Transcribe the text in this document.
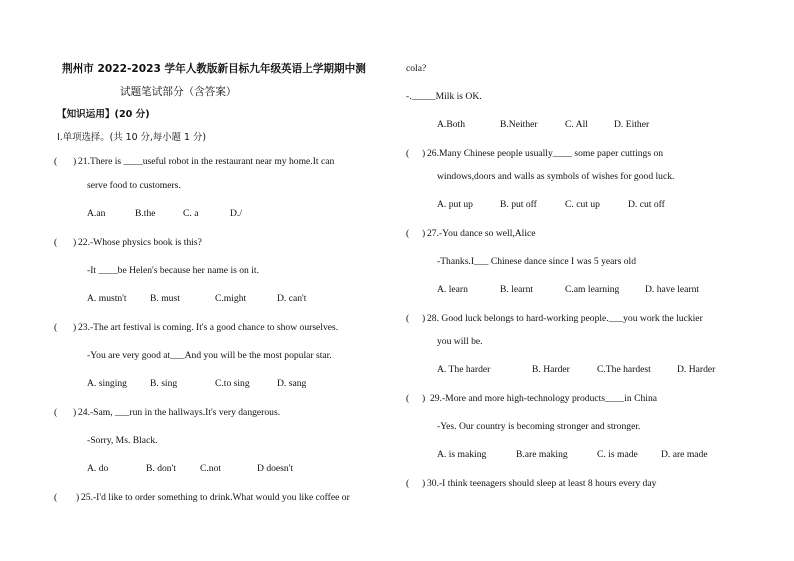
荆州市 2022-2023 学年人教版新目标九年级英语上学期期中测
试题笔试部分（含答案）
【知识运用】(20 分)
I.单项选择。(共 10 分,每小题 1 分)
( ) 21.There is ____useful robot in the restaurant near my home.It can
serve food to customers.
A.an	B.the	C. a	D./
( ) 22.-Whose physics book is this?
-It ____be Helen's because her name is on it.
A. mustn't B. must	C.might	D. can't
( ) 23.-The art festival is coming. It's a good chance to show ourselves.
-You are very good at___And you will be the most popular star.
A. singing B. sing	C.to sing	D. sang
( ) 24.-Sam, ___run in the hallways.It's very dangerous.
-Sorry, Ms. Black.
A. do	B. don't	C.not	D doesn't
( ) 25.-I'd like to order something to drink.What would you like coffee or
cola?
-._____Milk is OK.
A.Both	B.Neither	C. All	D. Either
( ) 26.Many Chinese people usually____ some paper cuttings on
windows,doors and walls as symbols of wishes for good luck.
A. put up	B. put off	C. cut up	D. cut off
( ) 27.-You dance so well,Alice
-Thanks.I___ Chinese dance since I was 5 years old
A. learn	B. learnt	C.am learning	D. have learnt
( ) 28. Good luck belongs to hard-working people.___you work the luckier
you will be.
A. The harder	B. Harder	C.The hardest	D. Harder
( ) 29.-More and more high-technology products____in China
-Yes. Our country is becoming stronger and stronger.
A. is making	B.are making	C. is made D. are made
( ) 30.-I think teenagers should sleep at least 8 hours every day
